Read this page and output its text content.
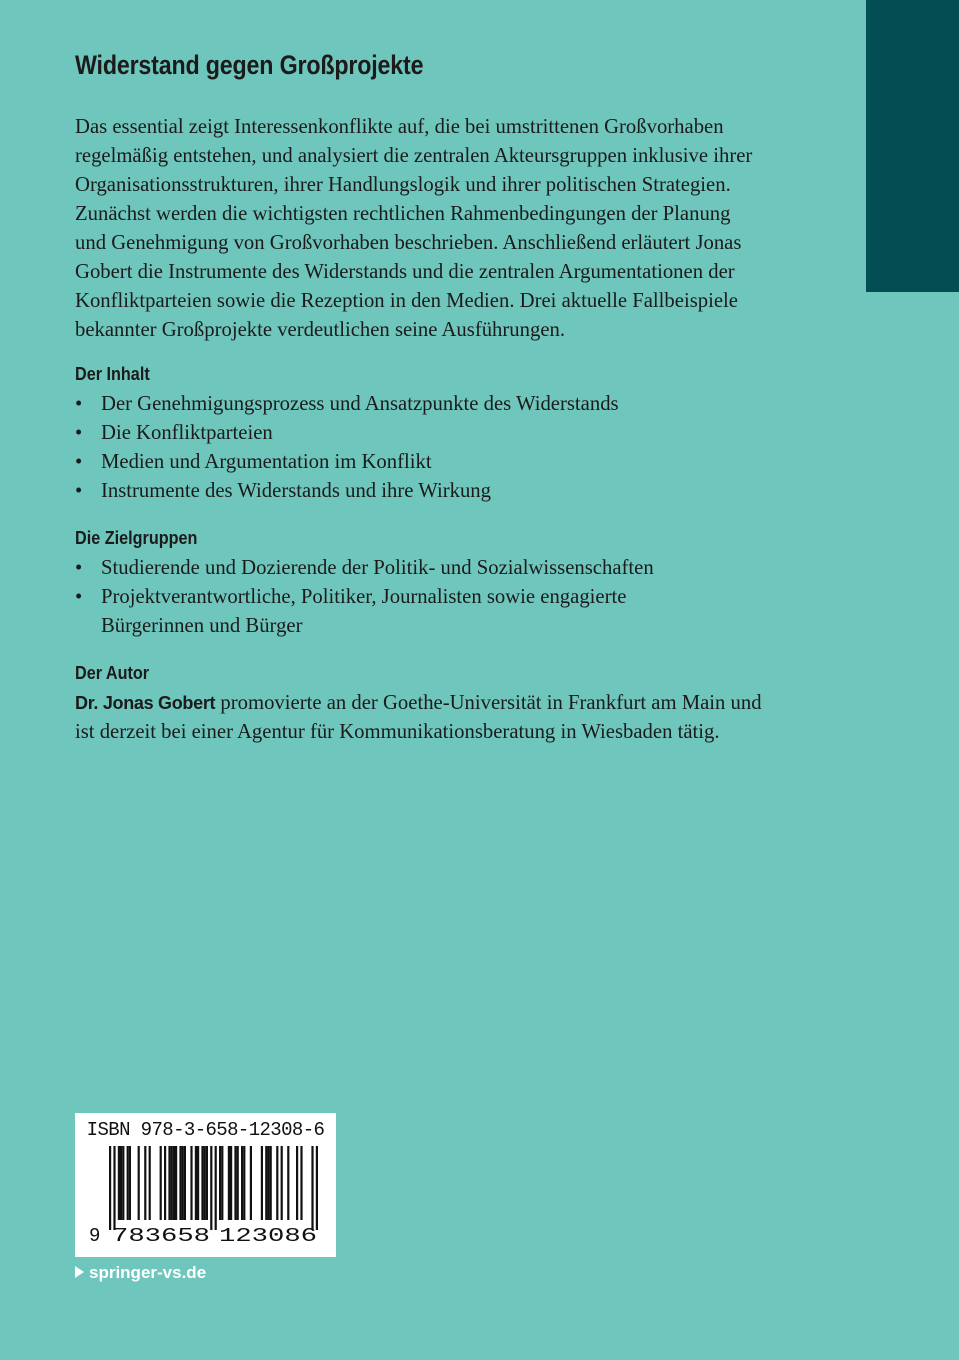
Widerstand gegen Großprojekte
Das essential zeigt Interessenkonflikte auf, die bei umstrittenen Großvorhaben
regelmäßig entstehen, und analysiert die zentralen Akteursgruppen inklusive ihrer
Organisationsstrukturen, ihrer Handlungslogik und ihrer politischen Strategien.
Zunächst werden die wichtigsten rechtlichen Rahmenbedingungen der Planung
und Genehmigung von Großvorhaben beschrieben. Anschließend erläutert Jonas
Gobert die Instrumente des Widerstands und die zentralen Argumentationen der
Konfliktparteien sowie die Rezeption in den Medien. Drei aktuelle Fallbeispiele
bekannter Großprojekte verdeutlichen seine Ausführungen.
Der Inhalt
• Der Genehmigungsprozess und Ansatzpunkte des Widerstands
• Die Konfliktparteien
• Medien und Argumentation im Konflikt
• Instrumente des Widerstands und ihre Wirkung
Die Zielgruppen
• Studierende und Dozierende der Politik- und Sozialwissenschaften
• Projektverantwortliche, Politiker, Journalisten sowie engagierte
Bürgerinnen und Bürger
Der Autor
Dr. Jonas Gobert promovierte an der Goethe-Universität in Frankfurt am Main und
ist derzeit bei einer Agentur für Kommunikationsberatung in Wiesbaden tätig.
ISBN 978-3-658-12308-6
9 783658 123086
springer-vs.de
